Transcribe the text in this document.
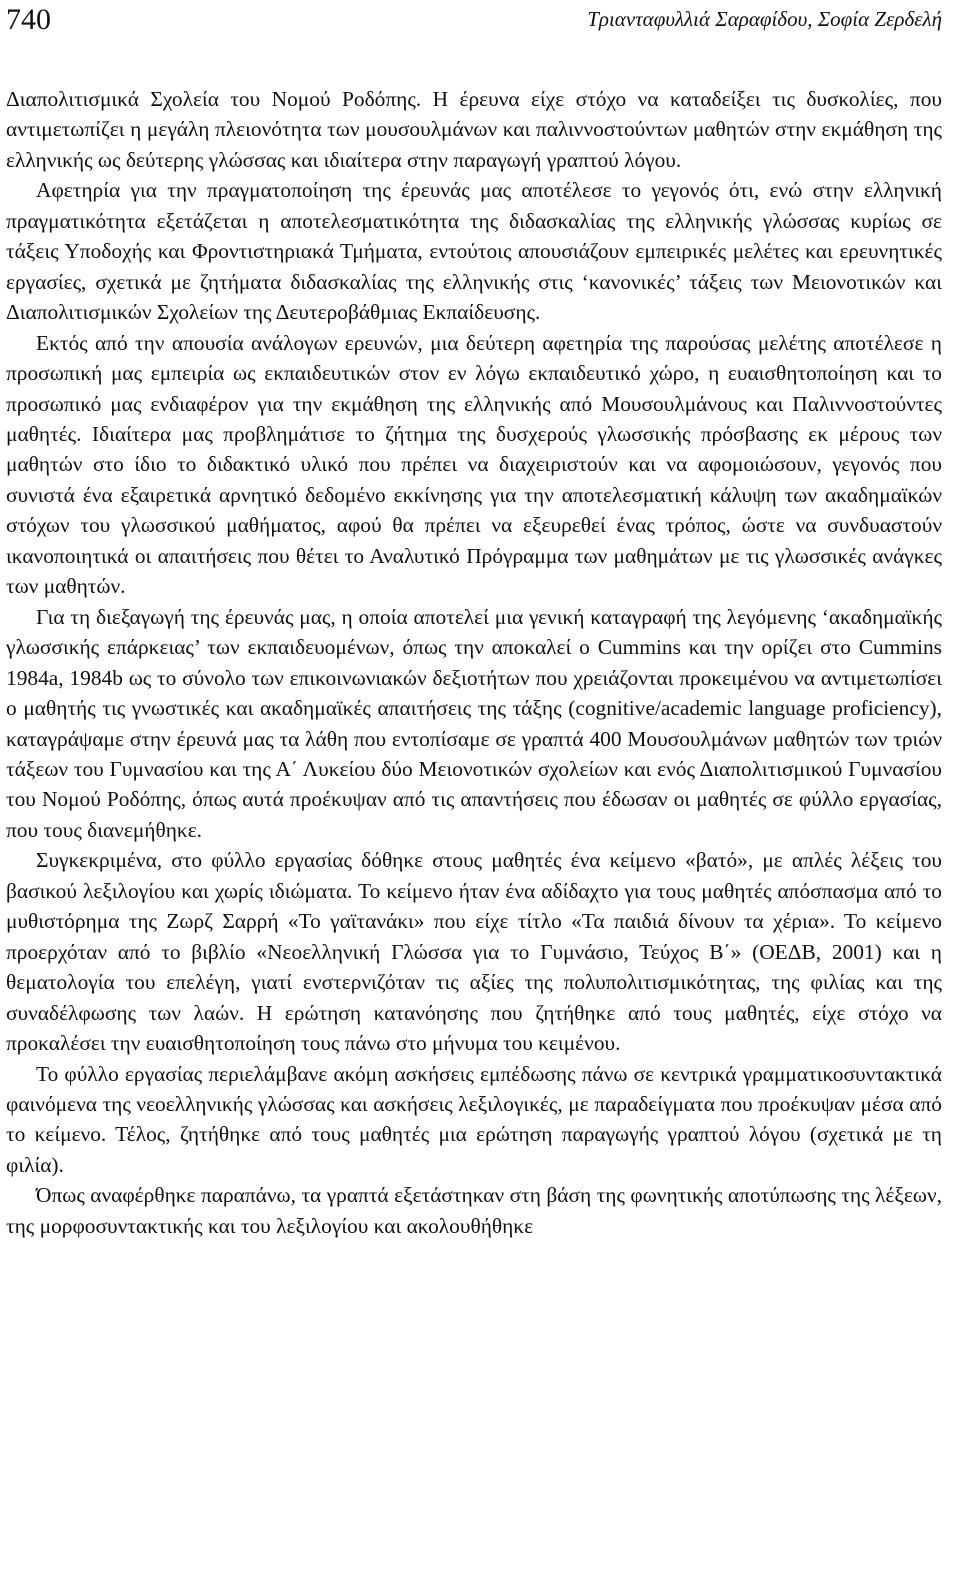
740	Τριανταφυλλιά Σαραφίδου, Σοφία Ζερδελή

Διαπολιτισμικά Σχολεία του Νομού Ροδόπης. Η έρευνα είχε στόχο να καταδείξει τις δυσκολίες, που αντιμετωπίζει η μεγάλη πλειονότητα των μουσουλμάνων και παλιννοστούντων μαθητών στην εκμάθηση της ελληνικής ως δεύτερης γλώσσας και ιδιαίτερα στην παραγωγή γραπτού λόγου.

Αφετηρία για την πραγματοποίηση της έρευνάς μας αποτέλεσε το γεγονός ότι, ενώ στην ελληνική πραγματικότητα εξετάζεται η αποτελεσματικότητα της διδασκαλίας της ελληνικής γλώσσας κυρίως σε τάξεις Υποδοχής και Φροντιστηριακά Τμήματα, εντούτοις απουσιάζουν εμπειρικές μελέτες και ερευνητικές εργασίες, σχετικά με ζητήματα διδασκαλίας της ελληνικής στις ‘κανονικές’ τάξεις των Μειονοτικών και Διαπολιτισμικών Σχολείων της Δευτεροβάθμιας Εκπαίδευσης.

Εκτός από την απουσία ανάλογων ερευνών, μια δεύτερη αφετηρία της παρούσας μελέτης αποτέλεσε η προσωπική μας εμπειρία ως εκπαιδευτικών στον εν λόγω εκπαιδευτικό χώρο, η ευαισθητοποίηση και το προσωπικό μας ενδιαφέρον για την εκμάθηση της ελληνικής από Μουσουλμάνους και Παλιννοστούντες μαθητές. Ιδιαίτερα μας προβλημάτισε το ζήτημα της δυσχερούς γλωσσικής πρόσβασης εκ μέρους των μαθητών στο ίδιο το διδακτικό υλικό που πρέπει να διαχειριστούν και να αφομοιώσουν, γεγονός που συνιστά ένα εξαιρετικά αρνητικό δεδομένο εκκίνησης για την αποτελεσματική κάλυψη των ακαδημαϊκών στόχων του γλωσσικού μαθήματος, αφού θα πρέπει να εξευρεθεί ένας τρόπος, ώστε να συνδυαστούν ικανοποιητικά οι απαιτήσεις που θέτει το Αναλυτικό Πρόγραμμα των μαθημάτων με τις γλωσσικές ανάγκες των μαθητών.

Για τη διεξαγωγή της έρευνάς μας, η οποία αποτελεί μια γενική καταγραφή της λεγόμενης ‘ακαδημαϊκής γλωσσικής επάρκειας’ των εκπαιδευομένων, όπως την αποκαλεί ο Cummins και την ορίζει στο Cummins 1984a, 1984b ως το σύνολο των επικοινωνιακών δεξιοτήτων που χρειάζονται προκειμένου να αντιμετωπίσει ο μαθητής τις γνωστικές και ακαδημαϊκές απαιτήσεις της τάξης (cognitive/academic language proficiency), καταγράψαμε στην έρευνά μας τα λάθη που εντοπίσαμε σε γραπτά 400 Μουσουλμάνων μαθητών των τριών τάξεων του Γυμνασίου και της Α΄ Λυκείου δύο Μειονοτικών σχολείων και ενός Διαπολιτισμικού Γυμνασίου του Νομού Ροδόπης, όπως αυτά προέκυψαν από τις απαντήσεις που έδωσαν οι μαθητές σε φύλλο εργασίας, που τους διανεμήθηκε.

Συγκεκριμένα, στο φύλλο εργασίας δόθηκε στους μαθητές ένα κείμενο «βατό», με απλές λέξεις του βασικού λεξιλογίου και χωρίς ιδιώματα. Το κείμενο ήταν ένα αδίδαχτο για τους μαθητές απόσπασμα από το μυθιστόρημα της Ζωρζ Σαρρή «Το γαϊτανάκι» που είχε τίτλο «Τα παιδιά δίνουν τα χέρια». Το κείμενο προερχόταν από το βιβλίο «Νεοελληνική Γλώσσα για το Γυμνάσιο, Τεύχος Β΄» (ΟΕΔΒ, 2001) και η θεματολογία του επελέγη, γιατί ενστερνιζόταν τις αξίες της πολυπολιτισμικότητας, της φιλίας και της συναδέλφωσης των λαών. Η ερώτηση κατανόησης που ζητήθηκε από τους μαθητές, είχε στόχο να προκαλέσει την ευαισθητοποίηση τους πάνω στο μήνυμα του κειμένου.

Το φύλλο εργασίας περιελάμβανε ακόμη ασκήσεις εμπέδωσης πάνω σε κεντρικά γραμματικοσυντακτικά φαινόμενα της νεοελληνικής γλώσσας και ασκήσεις λεξιλογικές, με παραδείγματα που προέκυψαν μέσα από το κείμενο. Τέλος, ζητήθηκε από τους μαθητές μια ερώτηση παραγωγής γραπτού λόγου (σχετικά με τη φιλία).

Όπως αναφέρθηκε παραπάνω, τα γραπτά εξετάστηκαν στη βάση της φωνητικής αποτύπωσης της λέξεων, της μορφοσυντακτικής και του λεξιλογίου και ακολουθήθηκε
